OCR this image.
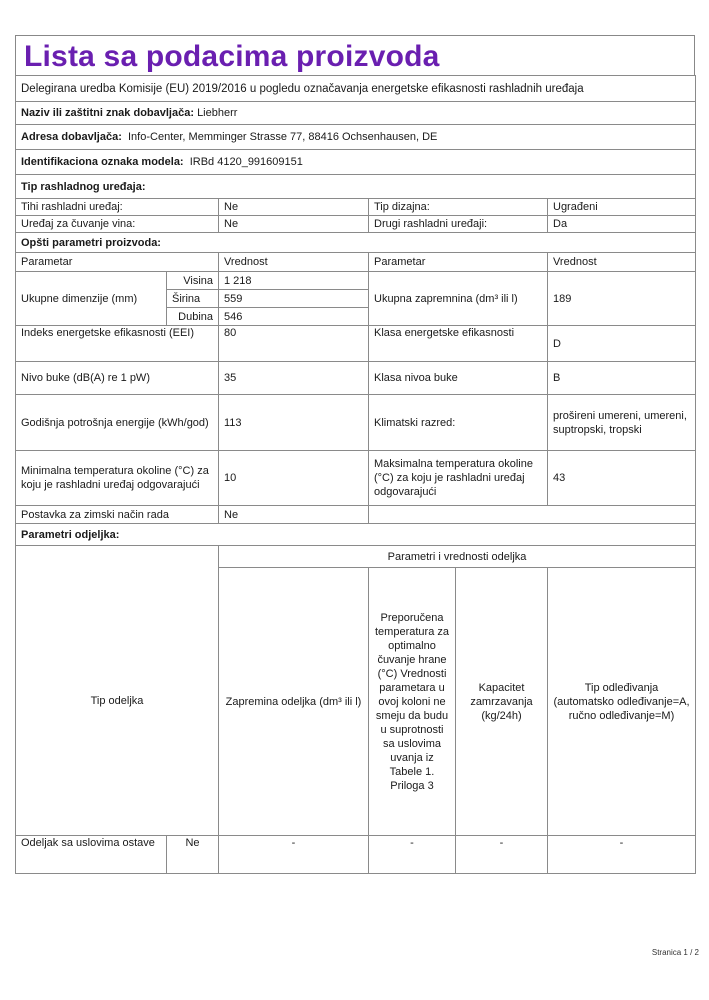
Lista sa podacima proizvoda
Delegirana uredba Komisije (EU) 2019/2016 u pogledu označavanja energetske efikasnosti rashladnih uređaja					
Naziv ili zaštitni znak dobavljača: Liebherr					
Adresa dobavljača: Info-Center, Memminger Strasse 77, 88416 Ochsenhausen, DE					
Identifikaciona oznaka modela: IRBd 4120_991609151					
Tip rashladnog uređaja:					
Tihi rashladni uređaj:		Ne	Tip dizajna:		Ugrađeni
Uređaj za čuvanje vina:		Ne	Drugi rashladni uređaji:		Da
Opšti parametri proizvoda:					
Parametar		Vrednost	Parametar		Vrednost
Ukupne dimenzije (mm)	Visina	1 218	Ukupna zapremnina (dm³ ili l)		189
	Širina	559			
	Dubina	546			
Indeks energetske efikasnosti (EEI)		80	Klasa energetske efikasnosti		D
Nivo buke (dB(A) re 1 pW)		35	Klasa nivoa buke		B
Godišnja potrošnja energije (kWh/god)		113	Klimatski razred:		prošireni umereni, umereni, suptropski, tropski
Minimalna temperatura okoline (°C) za koju je rashladni uređaj odgovarajući		10	Maksimalna temperatura okoline (°C) za koju je rashladni uređaj odgovarajući		43
Postavka za zimski način rada		Ne			
Parametri odjeljka:					
		Parametri i vrednosti odeljka			
Tip odeljka		Zapremina odeljka (dm³ ili l)	Preporučena temperatura za optimalno čuvanje hrane (°C) Vrednosti parametara u ovoj koloni ne smeju da budu u suprotnosti sa uslovima uvanja iz Tabele 1. Priloga 3	Kapacitet zamrzavanja (kg/24h)	Tip odleđivanja (automatsko odleđivanje=A, ručno odleđivanje=M)
Odeljak sa uslovima ostave	Ne	-	-	-	-
Stranica 1 / 2
